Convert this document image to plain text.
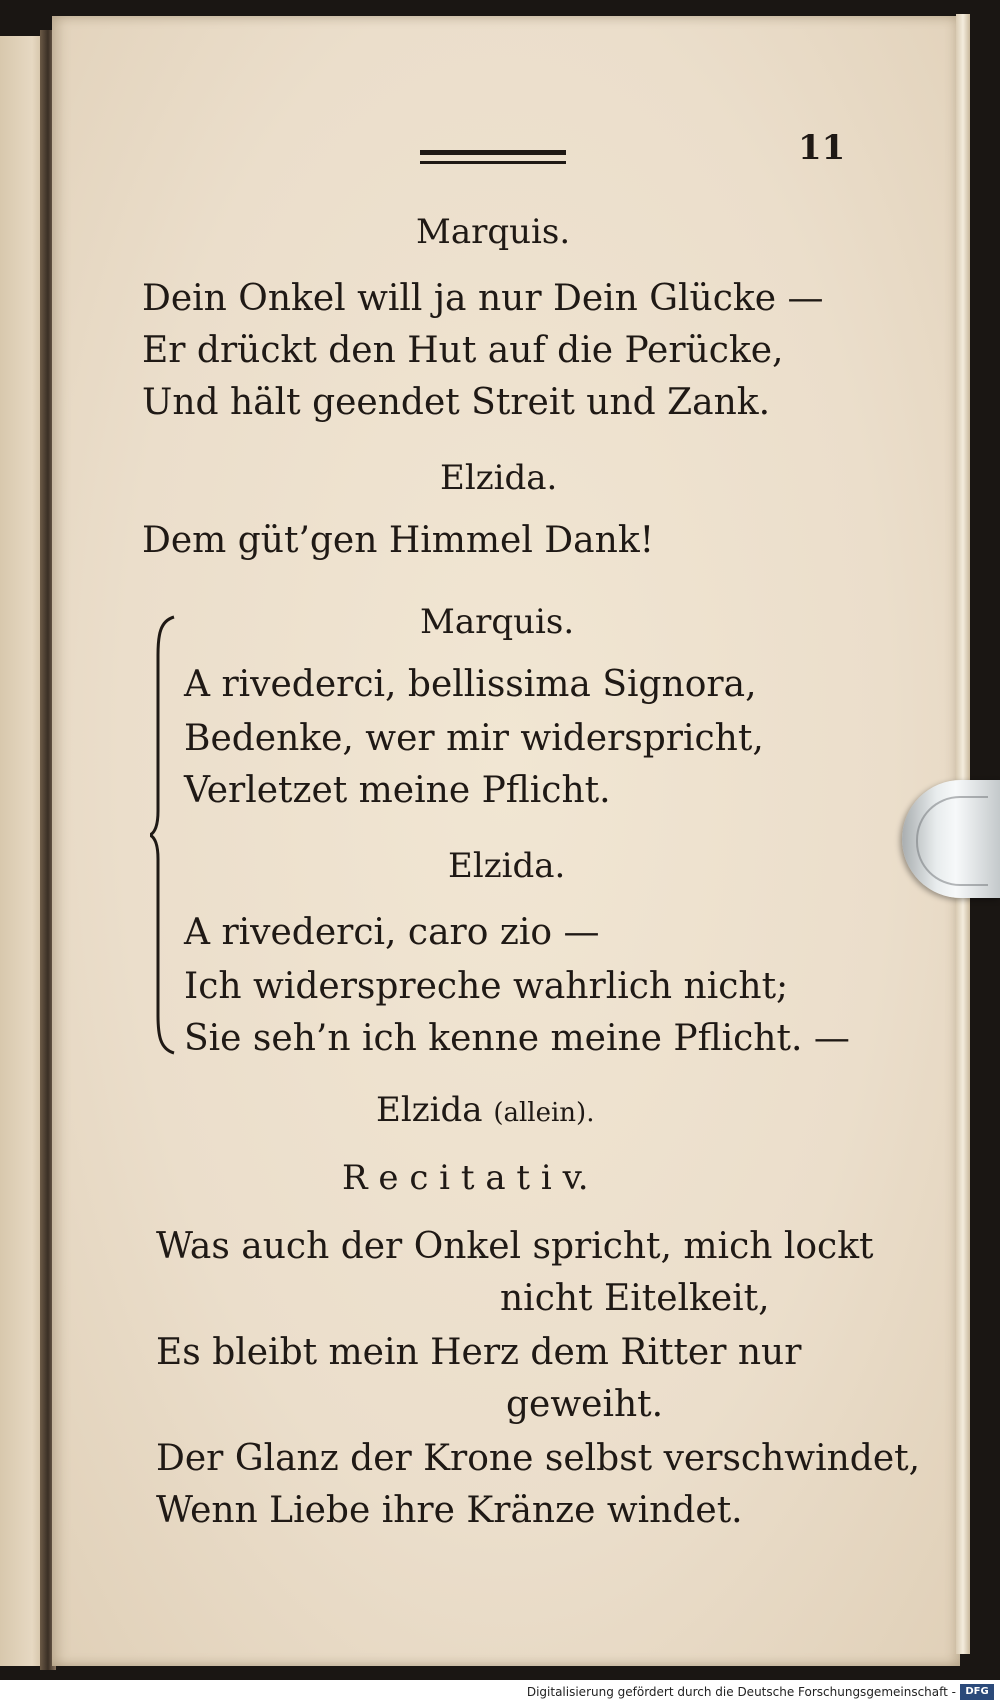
11
Marquis.
Dein Onkel will ja nur Dein Glücke —
Er drückt den Hut auf die Perücke,
Und hält geendet Streit und Zank.
Elzida.
Dem güt’gen Himmel Dank!
Marquis.
A rivederci, bellissima Signora,
Bedenke, wer mir widerspricht,
Verletzet meine Pflicht.
Elzida.
A rivederci, caro zio —
Ich widerspreche wahrlich nicht;
Sie seh’n ich kenne meine Pflicht. —
Elzida (allein).
R e c i t a t i v.
Was auch der Onkel spricht, mich lockt
nicht Eitelkeit,
Es bleibt mein Herz dem Ritter nur
geweiht.
Der Glanz der Krone selbst verschwindet,
Wenn Liebe ihre Kränze windet.
Digitalisierung gefördert durch die Deutsche Forschungsgemeinschaft - DFG
